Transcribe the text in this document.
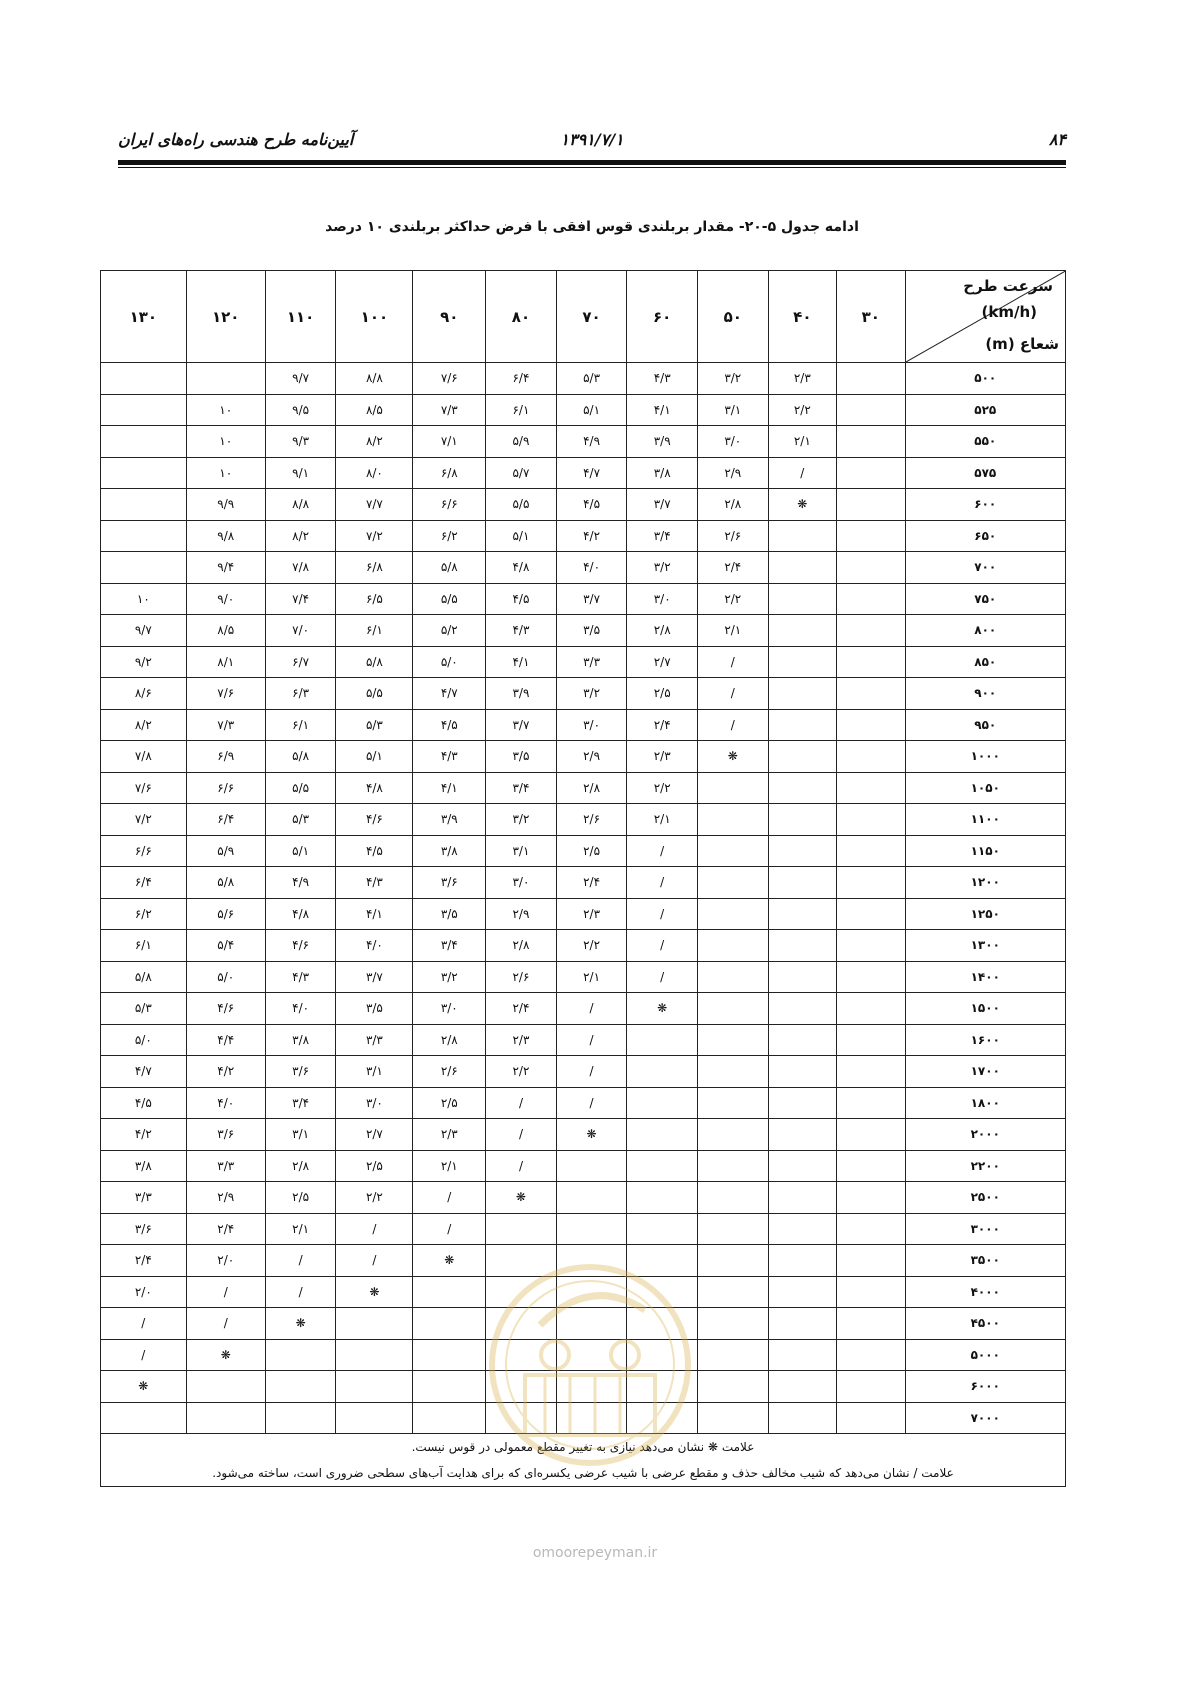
۸۴
۱۳۹۱/۷/۱
آیین‌نامه طرح هندسی راه‌های ایران
ادامه جدول ۵-۲۰- مقدار بربلندی قوس افقی با فرض حداکثر بربلندی ۱۰ درصد
سرعت طرح
(km/h)
شعاع (m)	۳۰	۴۰	۵۰	۶۰	۷۰	۸۰	۹۰	۱۰۰	۱۱۰	۱۲۰	۱۳۰
۵۰۰		۲/۳	۳/۲	۴/۳	۵/۳	۶/۴	۷/۶	۸/۸	۹/۷		
۵۲۵		۲/۲	۳/۱	۴/۱	۵/۱	۶/۱	۷/۳	۸/۵	۹/۵	۱۰	
۵۵۰		۲/۱	۳/۰	۳/۹	۴/۹	۵/۹	۷/۱	۸/۲	۹/۳	۱۰	
۵۷۵		/	۲/۹	۳/۸	۴/۷	۵/۷	۶/۸	۸/۰	۹/۱	۱۰	
۶۰۰		❋	۲/۸	۳/۷	۴/۵	۵/۵	۶/۶	۷/۷	۸/۸	۹/۹	
۶۵۰			۲/۶	۳/۴	۴/۲	۵/۱	۶/۲	۷/۲	۸/۲	۹/۸	
۷۰۰			۲/۴	۳/۲	۴/۰	۴/۸	۵/۸	۶/۸	۷/۸	۹/۴	
۷۵۰			۲/۲	۳/۰	۳/۷	۴/۵	۵/۵	۶/۵	۷/۴	۹/۰	۱۰
۸۰۰			۲/۱	۲/۸	۳/۵	۴/۳	۵/۲	۶/۱	۷/۰	۸/۵	۹/۷
۸۵۰			/	۲/۷	۳/۳	۴/۱	۵/۰	۵/۸	۶/۷	۸/۱	۹/۲
۹۰۰			/	۲/۵	۳/۲	۳/۹	۴/۷	۵/۵	۶/۳	۷/۶	۸/۶
۹۵۰			/	۲/۴	۳/۰	۳/۷	۴/۵	۵/۳	۶/۱	۷/۳	۸/۲
۱۰۰۰			❋	۲/۳	۲/۹	۳/۵	۴/۳	۵/۱	۵/۸	۶/۹	۷/۸
۱۰۵۰				۲/۲	۲/۸	۳/۴	۴/۱	۴/۸	۵/۵	۶/۶	۷/۶
۱۱۰۰				۲/۱	۲/۶	۳/۲	۳/۹	۴/۶	۵/۳	۶/۴	۷/۲
۱۱۵۰				/	۲/۵	۳/۱	۳/۸	۴/۵	۵/۱	۵/۹	۶/۶
۱۲۰۰				/	۲/۴	۳/۰	۳/۶	۴/۳	۴/۹	۵/۸	۶/۴
۱۲۵۰				/	۲/۳	۲/۹	۳/۵	۴/۱	۴/۸	۵/۶	۶/۲
۱۳۰۰				/	۲/۲	۲/۸	۳/۴	۴/۰	۴/۶	۵/۴	۶/۱
۱۴۰۰				/	۲/۱	۲/۶	۳/۲	۳/۷	۴/۳	۵/۰	۵/۸
۱۵۰۰				❋	/	۲/۴	۳/۰	۳/۵	۴/۰	۴/۶	۵/۳
۱۶۰۰					/	۲/۳	۲/۸	۳/۳	۳/۸	۴/۴	۵/۰
۱۷۰۰					/	۲/۲	۲/۶	۳/۱	۳/۶	۴/۲	۴/۷
۱۸۰۰					/	/	۲/۵	۳/۰	۳/۴	۴/۰	۴/۵
۲۰۰۰					❋	/	۲/۳	۲/۷	۳/۱	۳/۶	۴/۲
۲۲۰۰						/	۲/۱	۲/۵	۲/۸	۳/۳	۳/۸
۲۵۰۰						❋	/	۲/۲	۲/۵	۲/۹	۳/۳
۳۰۰۰							/	/	۲/۱	۲/۴	۳/۶
۳۵۰۰							❋	/	/	۲/۰	۲/۴
۴۰۰۰								❋	/	/	۲/۰
۴۵۰۰									❋	/	/
۵۰۰۰										❋	/
۶۰۰۰											❋
۷۰۰۰											

علامت ❋ نشان می‌دهد نیازی به تغییر مقطع معمولی در قوس نیست.
علامت / نشان می‌دهد که شیب مخالف حذف و مقطع عرضی با شیب عرضی یکسره‌ای که برای هدایت آب‌های سطحی ضروری است، ساخته می‌شود.											
omoorepeyman.ir
